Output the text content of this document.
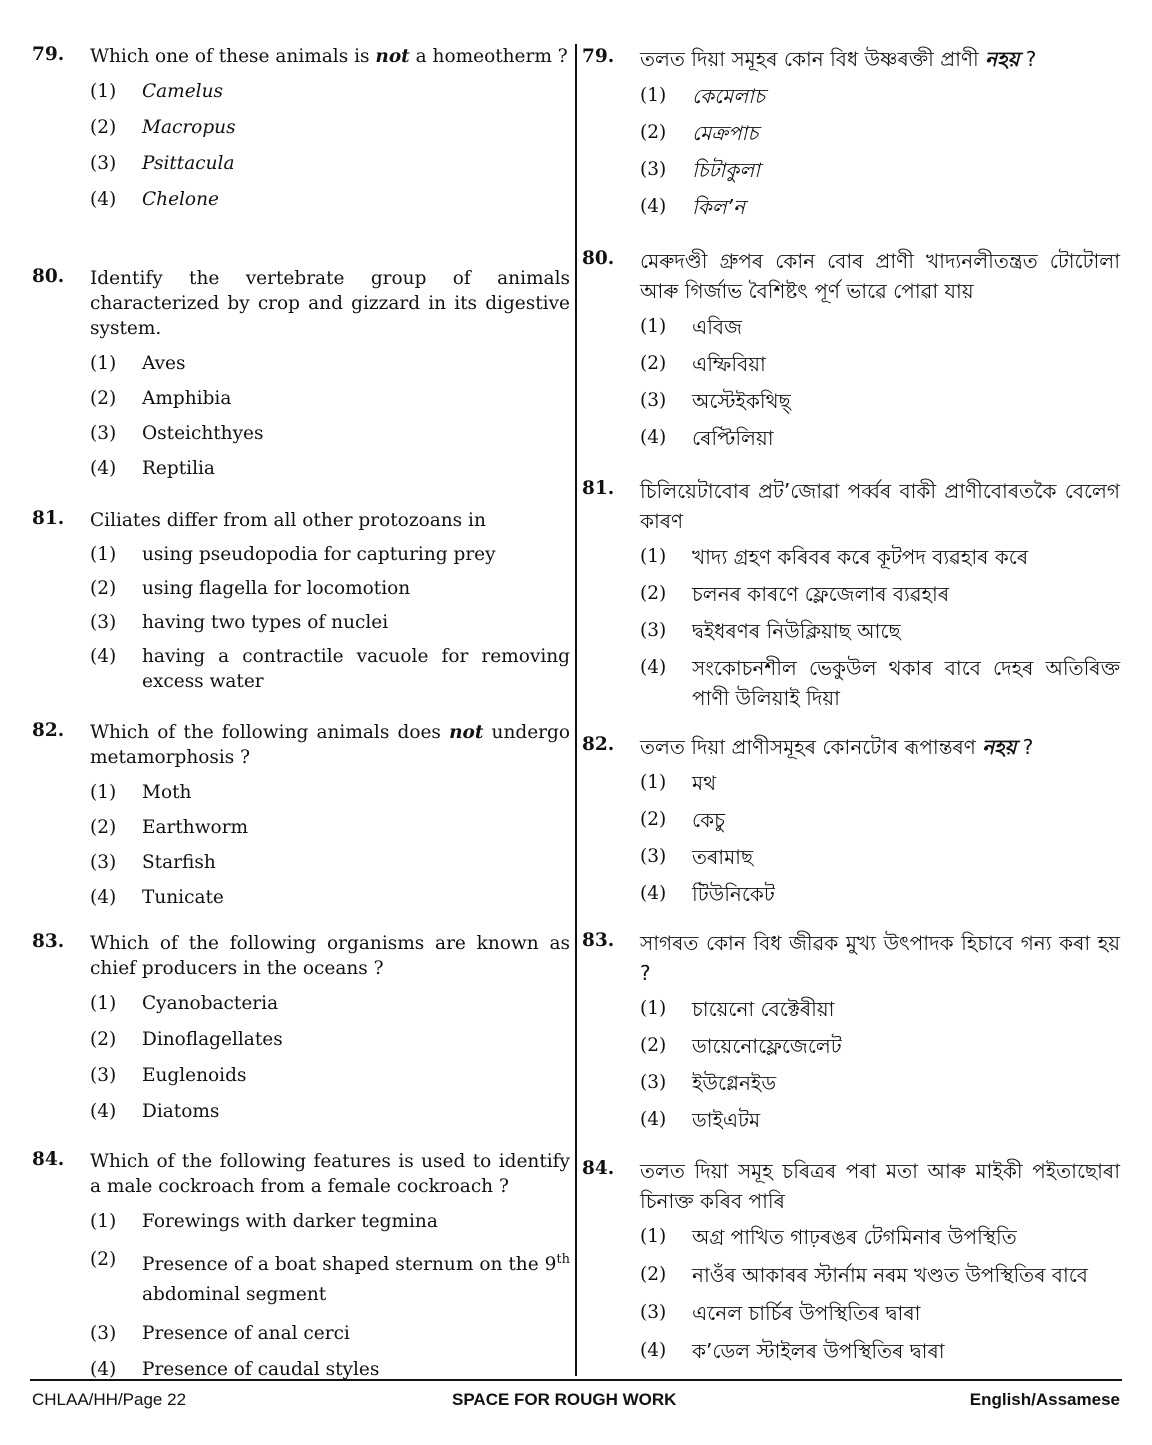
79. Which one of these animals is not a homeotherm ?
(1) Camelus
(2) Macropus
(3) Psittacula
(4) Chelone
80. Identify the vertebrate group of animals characterized by crop and gizzard in its digestive system.
(1) Aves
(2) Amphibia
(3) Osteichthyes
(4) Reptilia
81. Ciliates differ from all other protozoans in
(1) using pseudopodia for capturing prey
(2) using flagella for locomotion
(3) having two types of nuclei
(4) having a contractile vacuole for removing excess water
82. Which of the following animals does not undergo metamorphosis ?
(1) Moth
(2) Earthworm
(3) Starfish
(4) Tunicate
83. Which of the following organisms are known as chief producers in the oceans ?
(1) Cyanobacteria
(2) Dinoflagellates
(3) Euglenoids
(4) Diatoms
84. Which of the following features is used to identify a male cockroach from a female cockroach ?
(1) Forewings with darker tegmina
(2) Presence of a boat shaped sternum on the 9th abdominal segment
(3) Presence of anal cerci
(4) Presence of caudal styles
79. তলত দিয়া সমূহৰ কোন বিধ উষ্ণৰক্তী প্ৰাণী নহয় ?
(1) কেমেলাচ
(2) মেক্ৰপাচ
(3) চিটাকুলা
(4) কিল’ন
80. মেৰুদণ্ডী গ্ৰুপৰ কোন বোৰ প্ৰাণী খাদ্যনলীতন্ত্ৰত টোটোলা আৰু গিৰ্জাভ বৈশিষ্টৎ পূৰ্ণ ভাৱে পোৱা যায়
(1) এবিজ
(2) এম্ফিবিয়া
(3) অস্টেইকথিছ্
(4) ৰেপ্টিলিয়া
81. চিলিয়েটাবোৰ প্ৰট’জোৱা পৰ্ব্বৰ বাকী প্ৰাণীবোৰতকৈ বেলেগ কাৰণ
(1) খাদ্য গ্ৰহণ কৰিবৰ কৰে কূটপদ ব্যৱহাৰ কৰে
(2) চলনৰ কাৰণে ফ্লেজেলাৰ ব্যৱহাৰ
(3) দ্বইধৰণৰ নিউক্লিয়াছ আছে
(4) সংকোচনশীল ভেকুউল থকাৰ বাবে দেহৰ অতিৰিক্ত পাণী উলিয়াই দিয়া
82. তলত দিয়া প্ৰাণীসমূহৰ কোনটোৰ ৰূপান্তৰণ নহয় ?
(1) মথ
(2) কেচু
(3) তৰামাছ
(4) টিউনিকেট
83. সাগৰত কোন বিধ জীৱক মুখ্য উৎপাদক হিচাবে গন্য কৰা হয় ?
(1) চায়েনো বেক্টেৰীয়া
(2) ডায়েনোফ্লেজেলেট
(3) ইউগ্লেনইড
(4) ডাইএটম
84. তলত দিয়া সমূহ চৰিত্ৰৰ পৰা মতা আৰু মাইকী পইতাছোৰা চিনাক্ত কৰিব পাৰি
(1) অগ্ৰ পাখিত গাঢ়ৰঙৰ টেগমিনাৰ উপস্থিতি
(2) নাওঁৰ আকাৰৰ স্টাৰ্নাম নৰম খণ্ডত উপস্থিতিৰ বাবে
(3) এনেল চাৰ্চিৰ উপস্থিতিৰ দ্বাৰা
(4) ক’ডেল স্টাইলৰ উপস্থিতিৰ দ্বাৰা
CHLAA/HH/Page 22	SPACE FOR ROUGH WORK	English/Assamese
